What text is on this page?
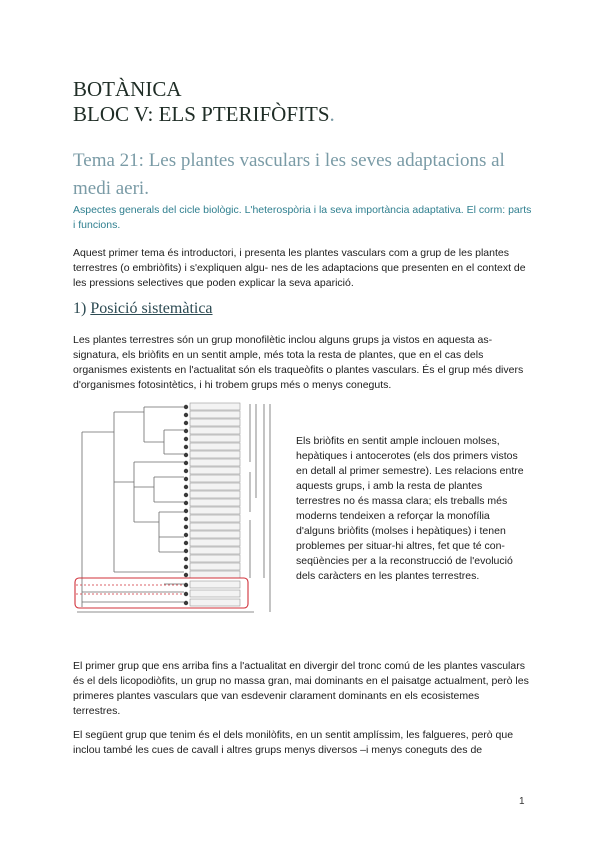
BOTÀNICA
BLOC V: ELS PTERIFÒFITS.
Tema 21: Les plantes vasculars i les seves adaptacions al medi aeri.

Aspectes generals del cicle biològic. L'heterospòria i la seva importància adaptativa. El corm: parts i funcions.

Aquest primer tema és introductori, i presenta les plantes vasculars com a grup de les plantes terrestres (o embriòfits) i s'expliquen algu- nes de les adaptacions que presenten en el context de les pressions selectives que poden explicar la seva aparició.

1) Posició sistemàtica

Les plantes terrestres són un grup monofilètic inclou alguns grups ja vistos en aquesta as- signatura, els briòfits en un sentit ample, més tota la resta de plantes, que en el cas dels organismes existents en l'actualitat són els traqueòfits o plantes vasculars. És el grup més divers d'organismes fotosintètics, i hi trobem grups més o menys coneguts.

Els briòfits en sentit ample inclouen molses, hepàtiques i antocerotes (els dos primers vistos en detall al primer semestre). Les relacions entre aquests grups, i amb la resta de plantes terrestres no és massa clara; els treballs més moderns tendeixen a reforçar la monofília d'alguns briòfits (molses i hepàtiques) i tenen problemes per situar-hi altres, fet que té con- seqüències per a la reconstrucció de l'evolució dels caràcters en les plantes terrestres.

El primer grup que ens arriba fins a l'actualitat en divergir del tronc comú de les plantes vasculars és el dels licopodiòfits, un grup no massa gran, mai dominants en el paisatge actualment, però les primeres plantes vasculars que van esdevenir clarament dominants en els ecosistemes terrestres.

El següent grup que tenim és el dels monilòfits, en un sentit amplíssim, les falgueres, però que inclou també les cues de cavall i altres grups menys diversos –i menys coneguts des de

1
